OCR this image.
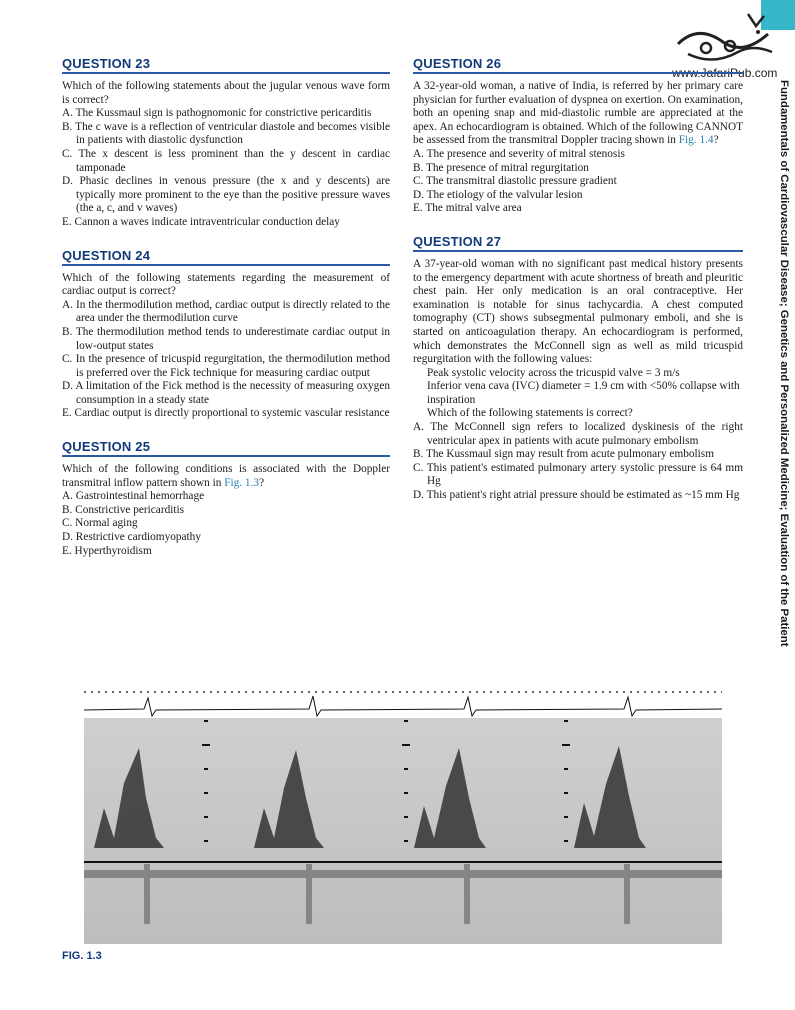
www.JafariPub.com
Fundamentals of Cardiovascular Disease; Genetics and Personalized Medicine; Evaluation of the Patient
QUESTION 23

Which of the following statements about the jugular venous wave form is correct?

A. The Kussmaul sign is pathognomonic for constrictive pericarditis
B. The c wave is a reflection of ventricular diastole and becomes visible in patients with diastolic dysfunction
C. The x descent is less prominent than the y descent in cardiac tamponade
D. Phasic declines in venous pressure (the x and y descents) are typically more prominent to the eye than the positive pressure waves (the a, c, and v waves)
E. Cannon a waves indicate intraventricular conduction delay
QUESTION 24

Which of the following statements regarding the measurement of cardiac output is correct?

A. In the thermodilution method, cardiac output is directly related to the area under the thermodilution curve
B. The thermodilution method tends to underestimate cardiac output in low-output states
C. In the presence of tricuspid regurgitation, the thermodilution method is preferred over the Fick technique for measuring cardiac output
D. A limitation of the Fick method is the necessity of measuring oxygen consumption in a steady state
E. Cardiac output is directly proportional to systemic vascular resistance
QUESTION 25

Which of the following conditions is associated with the Doppler transmitral inflow pattern shown in Fig. 1.3?

A. Gastrointestinal hemorrhage
B. Constrictive pericarditis
C. Normal aging
D. Restrictive cardiomyopathy
E. Hyperthyroidism
QUESTION 26

A 32-year-old woman, a native of India, is referred by her primary care physician for further evaluation of dyspnea on exertion. On examination, both an opening snap and mid-diastolic rumble are appreciated at the apex. An echocardiogram is obtained. Which of the following CANNOT be assessed from the transmitral Doppler tracing shown in Fig. 1.4?

A. The presence and severity of mitral stenosis
B. The presence of mitral regurgitation
C. The transmitral diastolic pressure gradient
D. The etiology of the valvular lesion
E. The mitral valve area
QUESTION 27

A 37-year-old woman with no significant past medical history presents to the emergency department with acute shortness of breath and pleuritic chest pain. Her only medication is an oral contraceptive. Her examination is notable for sinus tachycardia. A chest computed tomography (CT) shows subsegmental pulmonary emboli, and she is started on anticoagulation therapy. An echocardiogram is performed, which demonstrates the McConnell sign as well as mild tricuspid regurgitation with the following values:

Peak systolic velocity across the tricuspid valve = 3 m/s

Inferior vena cava (IVC) diameter = 1.9 cm with <50% collapse with inspiration

Which of the following statements is correct?

A. The McConnell sign refers to localized dyskinesis of the right ventricular apex in patients with acute pulmonary embolism
B. The Kussmaul sign may result from acute pulmonary embolism
C. This patient's estimated pulmonary artery systolic pressure is 64 mm Hg
D. This patient's right atrial pressure should be estimated as ~15 mm Hg
FIG. 1.3
